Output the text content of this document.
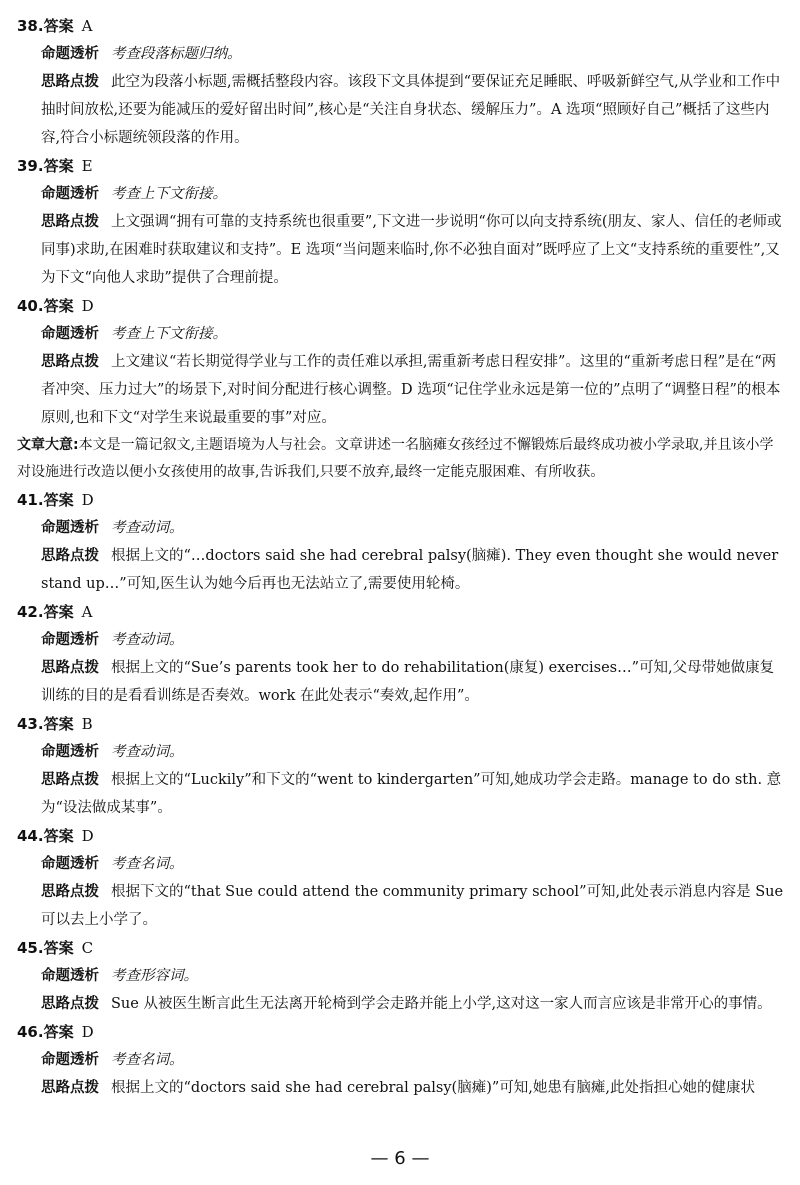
38.答案 A
命题透析 考查段落标题归纳。
思路点拨 此空为段落小标题,需概括整段内容。该段下文具体提到“要保证充足睡眠、呼吸新鲜空气,从学业和工作中抽时间放松,还要为能减压的爱好留出时间”,核心是“关注自身状态、缓解压力”。A 选项“照顾好自己”概括了这些内容,符合小标题统领段落的作用。
39.答案 E
命题透析 考查上下文衔接。
思路点拨 上文强调“拥有可靠的支持系统也很重要”,下文进一步说明“你可以向支持系统(朋友、家人、信任的老师或同事)求助,在困难时获取建议和支持”。E 选项“当问题来临时,你不必独自面对”既呼应了上文“支持系统的重要性”,又为下文“向他人求助”提供了合理前提。
40.答案 D
命题透析 考查上下文衔接。
思路点拨 上文建议“若长期觉得学业与工作的责任难以承担,需重新考虑日程安排”。这里的“重新考虑日程”是在“两者冲突、压力过大”的场景下,对时间分配进行核心调整。D 选项“记住学业永远是第一位的”点明了“调整日程”的根本原则,也和下文“对学生来说最重要的事”对应。

文章大意:本文是一篇记叙文,主题语境为人与社会。文章讲述一名脑瘫女孩经过不懈锻炼后最终成功被小学录取,并且该小学对设施进行改造以便小女孩使用的故事,告诉我们,只要不放弃,最终一定能克服困难、有所收获。

41.答案 D
命题透析 考查动词。
思路点拨 根据上文的“…doctors said she had cerebral palsy(脑瘫). They even thought she would never stand up…”可知,医生认为她今后再也无法站立了,需要使用轮椅。
42.答案 A
命题透析 考查动词。
思路点拨 根据上文的“Sue’s parents took her to do rehabilitation(康复) exercises…”可知,父母带她做康复训练的目的是看看训练是否奏效。work 在此处表示“奏效,起作用”。
43.答案 B
命题透析 考查动词。
思路点拨 根据上文的“Luckily”和下文的“went to kindergarten”可知,她成功学会走路。manage to do sth. 意为“设法做成某事”。
44.答案 D
命题透析 考查名词。
思路点拨 根据下文的“that Sue could attend the community primary school”可知,此处表示消息内容是 Sue 可以去上小学了。
45.答案 C
命题透析 考查形容词。
思路点拨 Sue 从被医生断言此生无法离开轮椅到学会走路并能上小学,这对这一家人而言应该是非常开心的事情。
46.答案 D
命题透析 考查名词。
思路点拨 根据上文的“doctors said she had cerebral palsy(脑瘫)”可知,她患有脑瘫,此处指担心她的健康状
— 6 —
